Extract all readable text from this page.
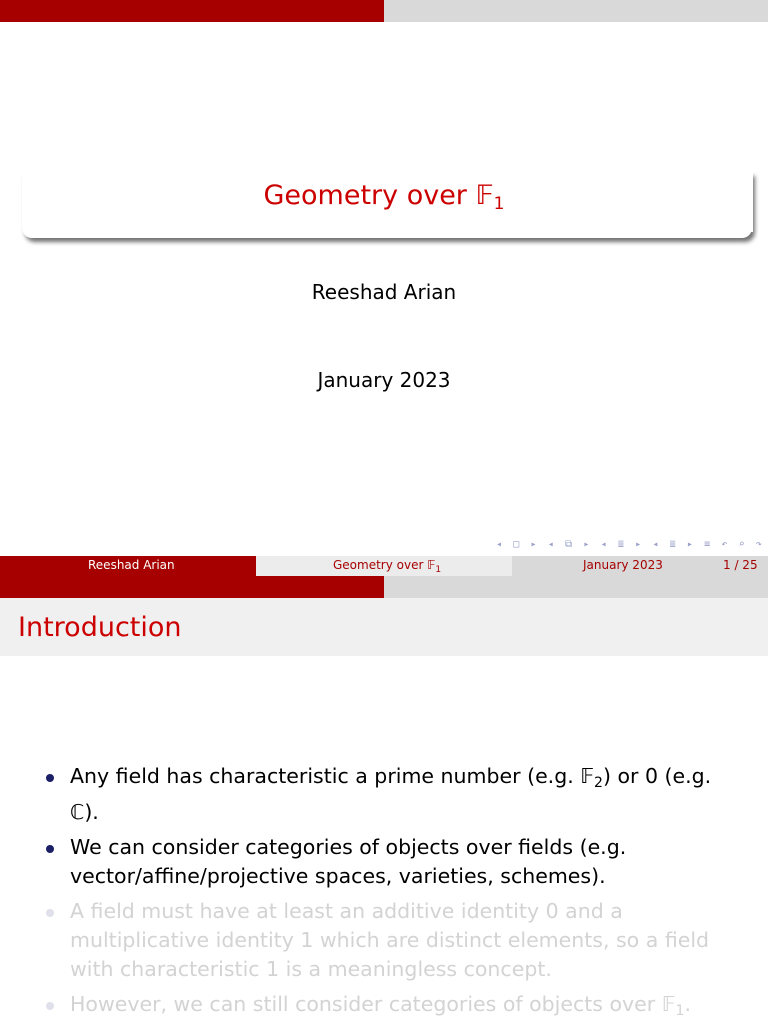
Geometry over 𝔽$_1$
Reeshad Arian
January 2023
◂ □ ▸ ◂ ⧉ ▸ ◂ ≣ ▸ ◂ ≣ ▸ ≡ ↶ ⌕ ↷
Reeshad Arian	Geometry over 𝔽$_1$	January 2023	1 / 25
Introduction
Any field has characteristic a prime number (e.g. 𝔽$_2$) or 0 (e.g. ℂ).
We can consider categories of objects over fields (e.g. vector/affine/projective spaces, varieties, schemes).
A field must have at least an additive identity 0 and a multiplicative identity 1 which are distinct elements, so a field with characteristic 1 is a meaningless concept.
However, we can still consider categories of objects over 𝔽$_1$.
